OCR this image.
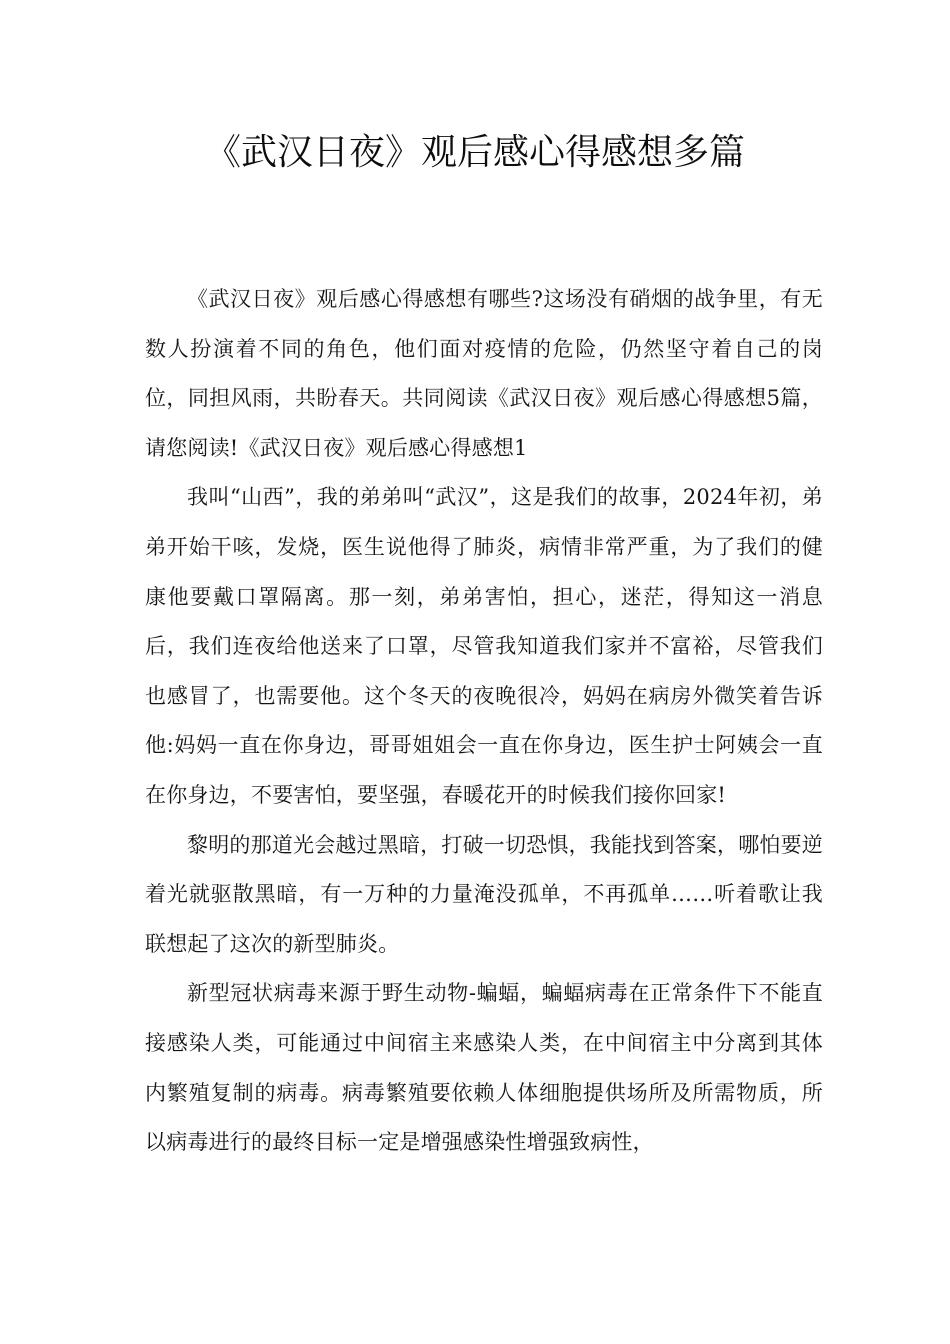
《武汉日夜》观后感心得感想多篇

《武汉日夜》观后感心得感想有哪些?这场没有硝烟的战争里，有无数人扮演着不同的角色，他们面对疫情的危险，仍然坚守着自己的岗位，同担风雨，共盼春天。共同阅读《武汉日夜》观后感心得感想5篇，请您阅读!《武汉日夜》观后感心得感想1

我叫“山西”，我的弟弟叫“武汉”，这是我们的故事，2024年初，弟弟开始干咳，发烧，医生说他得了肺炎，病情非常严重，为了我们的健康他要戴口罩隔离。那一刻，弟弟害怕，担心，迷茫，得知这一消息后，我们连夜给他送来了口罩，尽管我知道我们家并不富裕，尽管我们也感冒了，也需要他。这个冬天的夜晚很冷，妈妈在病房外微笑着告诉他:妈妈一直在你身边，哥哥姐姐会一直在你身边，医生护士阿姨会一直在你身边，不要害怕，要坚强，春暖花开的时候我们接你回家!

黎明的那道光会越过黑暗，打破一切恐惧，我能找到答案，哪怕要逆着光就驱散黑暗，有一万种的力量淹没孤单，不再孤单……听着歌让我联想起了这次的新型肺炎。

新型冠状病毒来源于野生动物-蝙蝠，蝙蝠病毒在正常条件下不能直接感染人类，可能通过中间宿主来感染人类，在中间宿主中分离到其体内繁殖复制的病毒。病毒繁殖要依赖人体细胞提供场所及所需物质，所以病毒进行的最终目标一定是增强感染性增强致病性，
